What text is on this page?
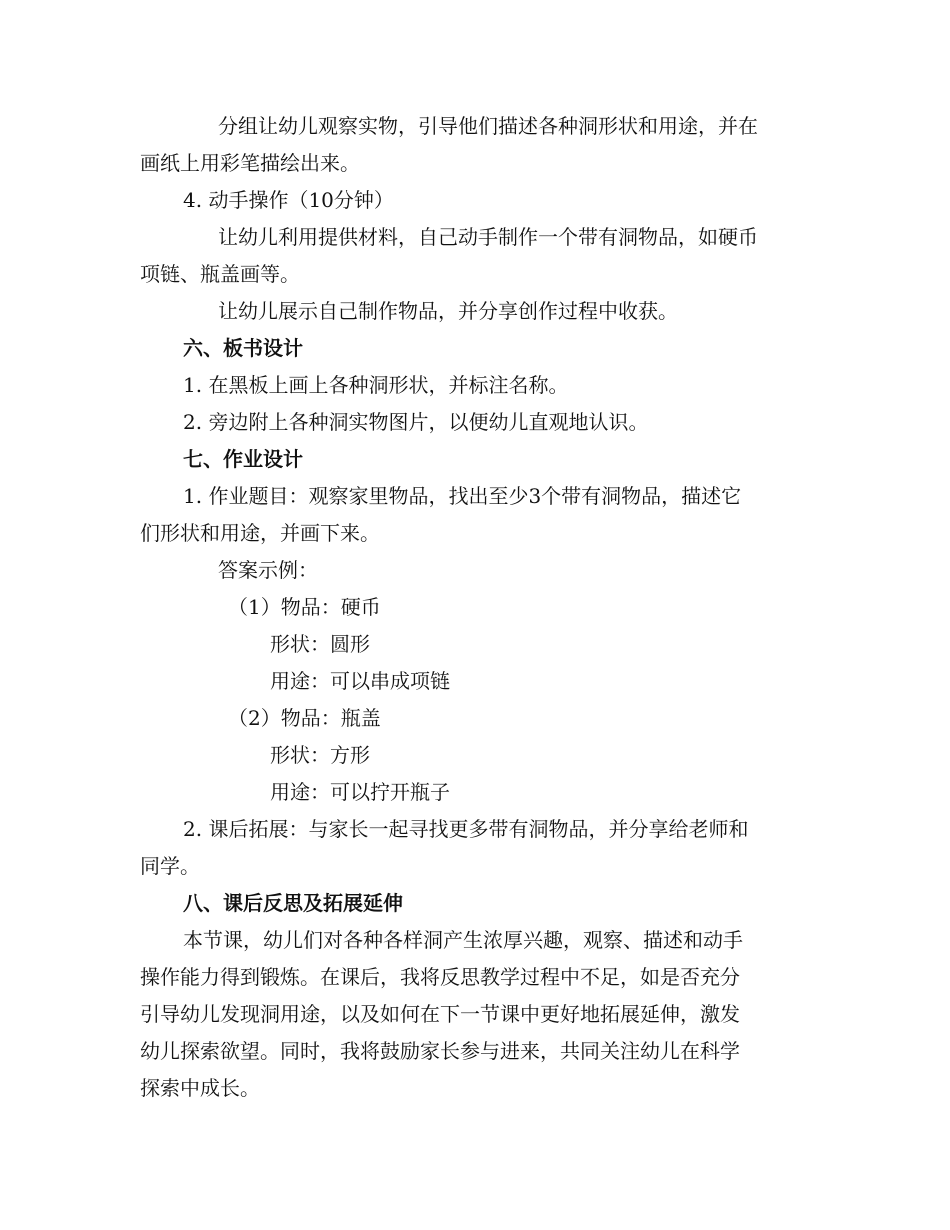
分组让幼儿观察实物，引导他们描述各种洞形状和用途，并在
画纸上用彩笔描绘出来。
4. 动手操作（10分钟）
让幼儿利用提供材料，自己动手制作一个带有洞物品，如硬币
项链、瓶盖画等。
让幼儿展示自己制作物品，并分享创作过程中收获。
六、板书设计
1. 在黑板上画上各种洞形状，并标注名称。
2. 旁边附上各种洞实物图片，以便幼儿直观地认识。
七、作业设计
1. 作业题目：观察家里物品，找出至少3个带有洞物品，描述它
们形状和用途，并画下来。
答案示例：
（1）物品：硬币
形状：圆形
用途：可以串成项链
（2）物品：瓶盖
形状：方形
用途：可以拧开瓶子
2. 课后拓展：与家长一起寻找更多带有洞物品，并分享给老师和
同学。
八、课后反思及拓展延伸
本节课，幼儿们对各种各样洞产生浓厚兴趣，观察、描述和动手
操作能力得到锻炼。在课后，我将反思教学过程中不足，如是否充分
引导幼儿发现洞用途，以及如何在下一节课中更好地拓展延伸，激发
幼儿探索欲望。同时，我将鼓励家长参与进来，共同关注幼儿在科学
探索中成长。
